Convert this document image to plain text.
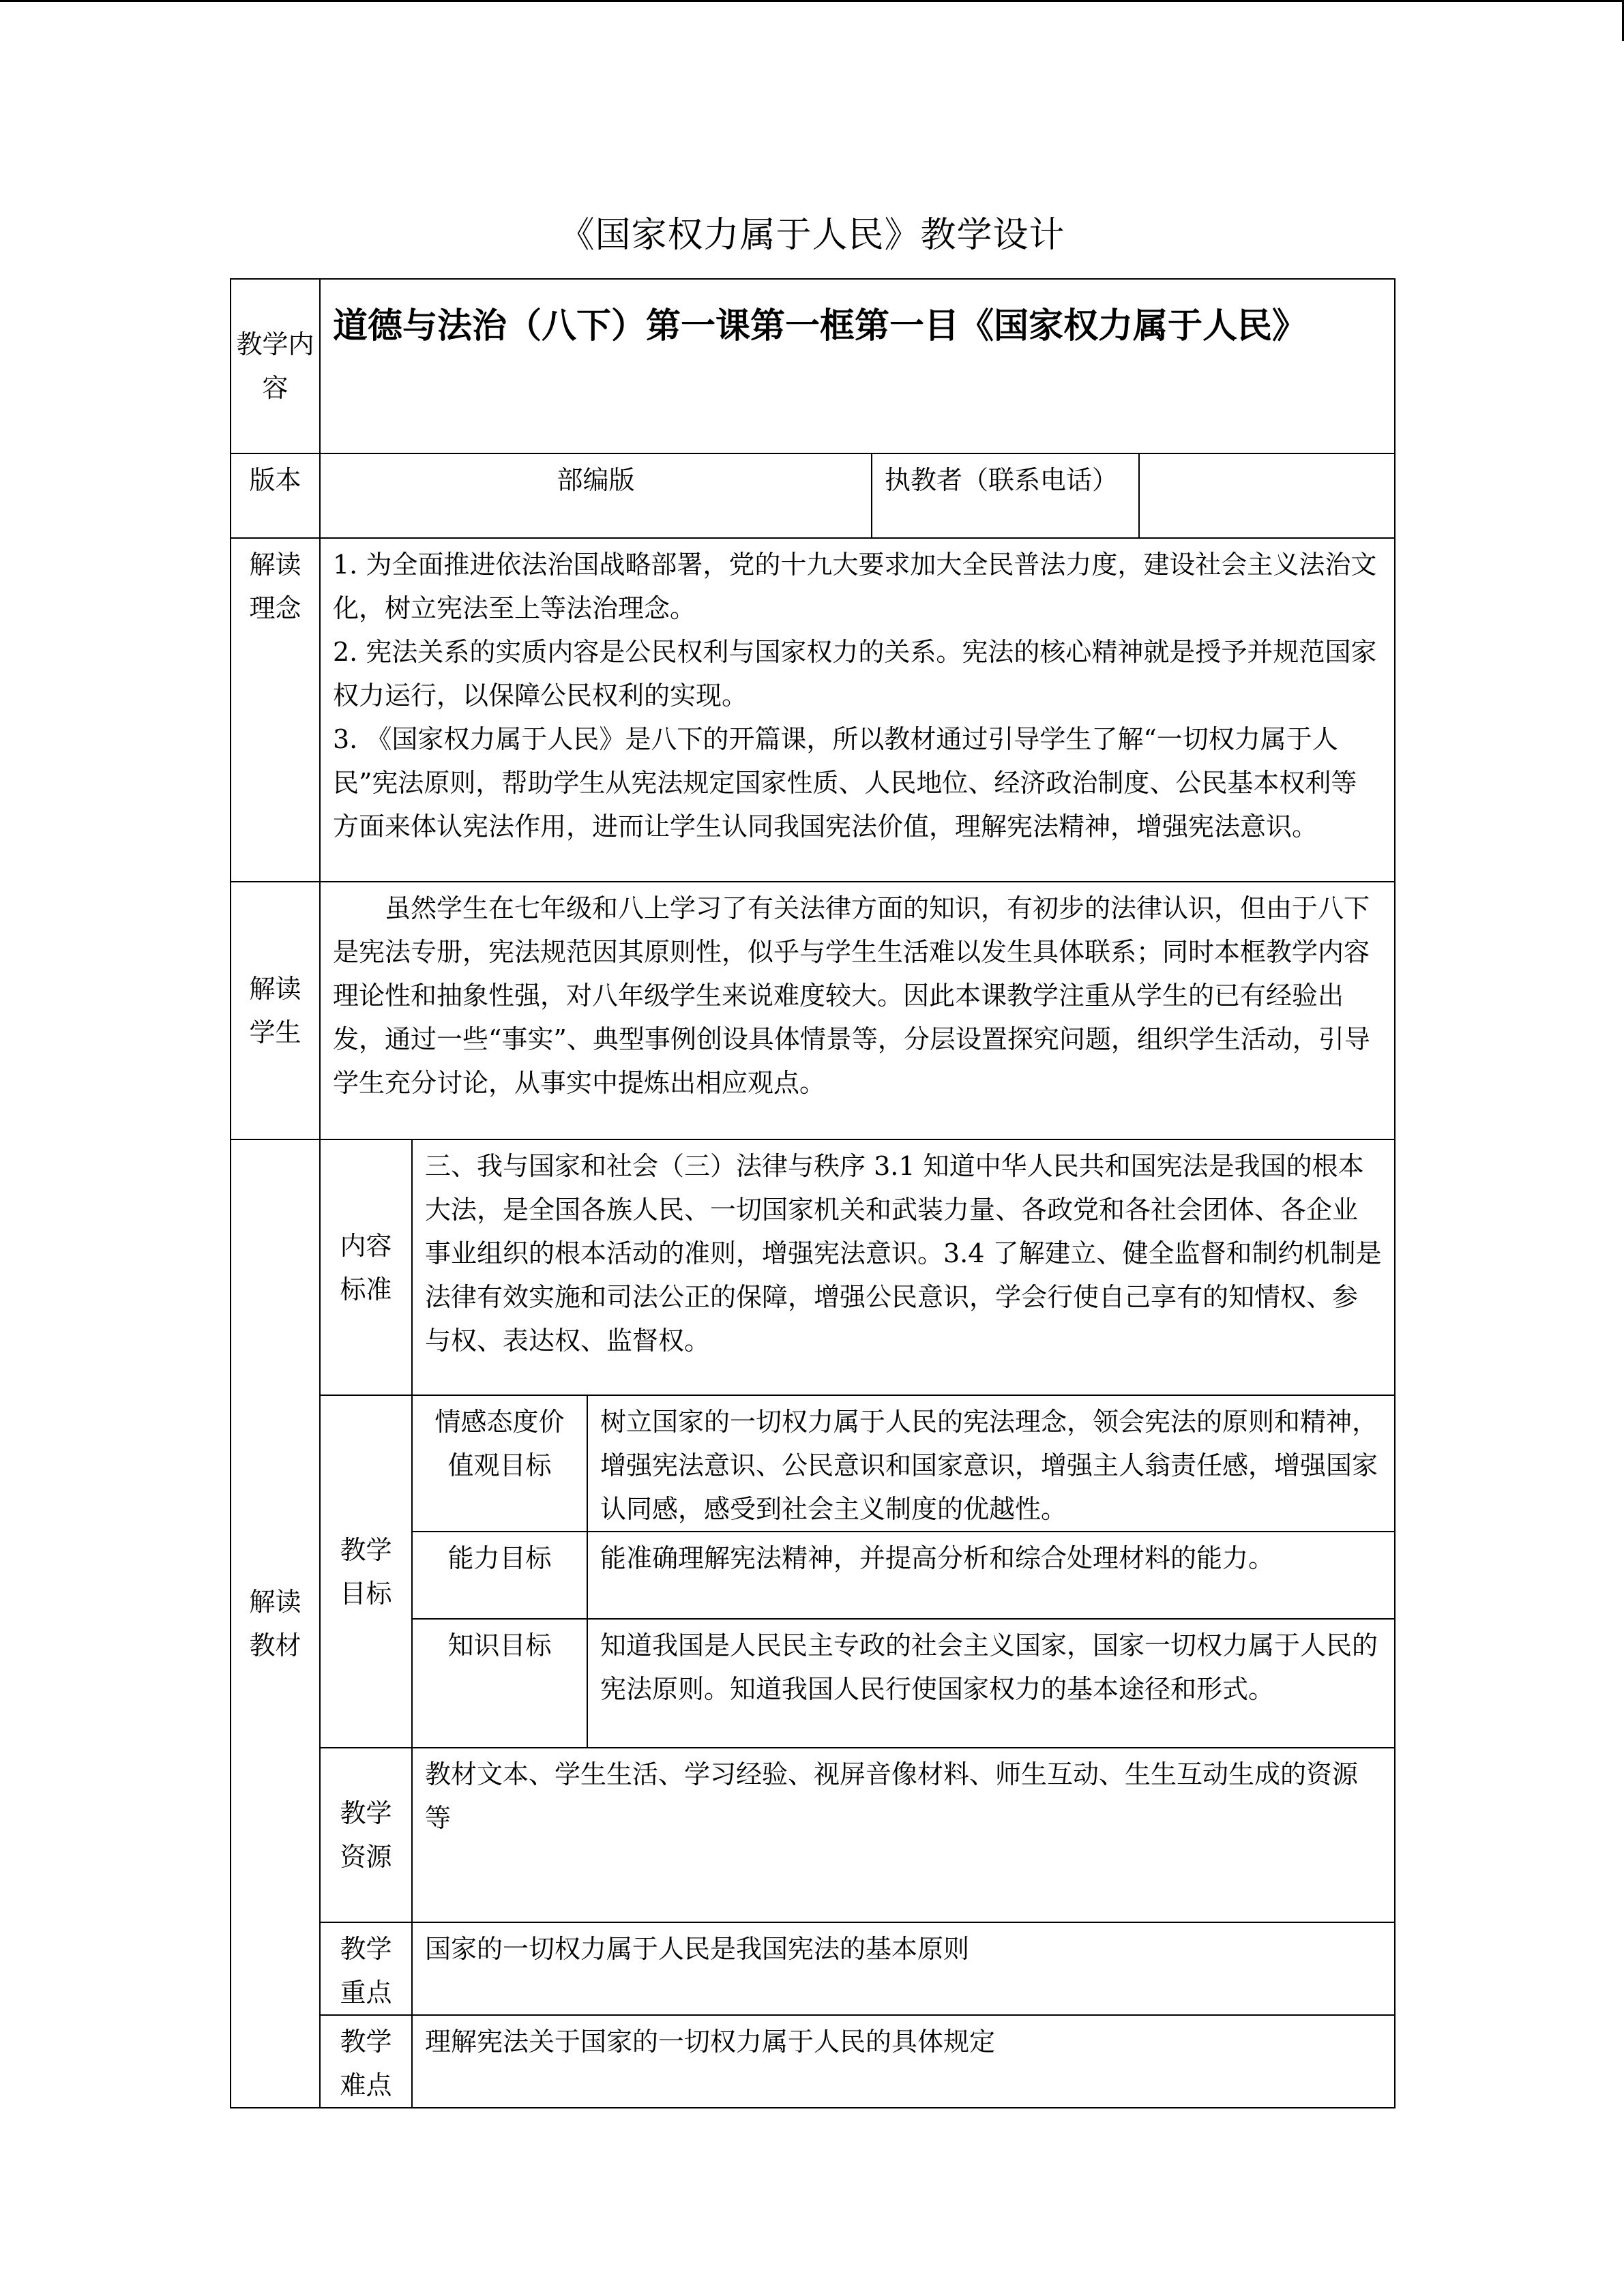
《国家权力属于人民》教学设计
教学内容	道德与法治（八下）第一课第一框第一目《国家权力属于人民》				
版本	部编版			执教者（联系电话）	
解读理念	1. 为全面推进依法治国战略部署，党的十九大要求加大全民普法力度，建设社会主义法治文化，树立宪法至上等法治理念。

2. 宪法关系的实质内容是公民权利与国家权力的关系。宪法的核心精神就是授予并规范国家权力运行，以保障公民权利的实现。

3. 《国家权力属于人民》是八下的开篇课，所以教材通过引导学生了解“一切权力属于人民”宪法原则，帮助学生从宪法规定国家性质、人民地位、经济政治制度、公民基本权利等方面来体认宪法作用，进而让学生认同我国宪法价值，理解宪法精神，增强宪法意识。				

解读学生	虽然学生在七年级和八上学习了有关法律方面的知识，有初步的法律认识，但由于八下是宪法专册，宪法规范因其原则性，似乎与学生生活难以发生具体联系；同时本框教学内容理论性和抽象性强，对八年级学生来说难度较大。因此本课教学注重从学生的已有经验出发，通过一些“事实”、典型事例创设具体情景等，分层设置探究问题，组织学生活动，引导学生充分讨论，从事实中提炼出相应观点。				

解读教材	内容标准	三、我与国家和社会（三）法律与秩序 3.1 知道中华人民共和国宪法是我国的根本大法，是全国各族人民、一切国家机关和武装力量、各政党和各社会团体、各企业事业组织的根本活动的准则，增强宪法意识。3.4 了解建立、健全监督和制约机制是法律有效实施和司法公正的保障，增强公民意识，学会行使自己享有的知情权、参与权、表达权、监督权。			
	教学目标	情感态度价值观目标	树立国家的一切权力属于人民的宪法理念，领会宪法的原则和精神，增强宪法意识、公民意识和国家意识，增强主人翁责任感，增强国家认同感，感受到社会主义制度的优越性。		
		能力目标	能准确理解宪法精神，并提高分析和综合处理材料的能力。		
		知识目标	知道我国是人民民主专政的社会主义国家，国家一切权力属于人民的宪法原则。知道我国人民行使国家权力的基本途径和形式。		
	教学资源	教材文本、学生生活、学习经验、视屏音像材料、师生互动、生生互动生成的资源等			
	教学重点	国家的一切权力属于人民是我国宪法的基本原则			
	教学难点	理解宪法关于国家的一切权力属于人民的具体规定			
